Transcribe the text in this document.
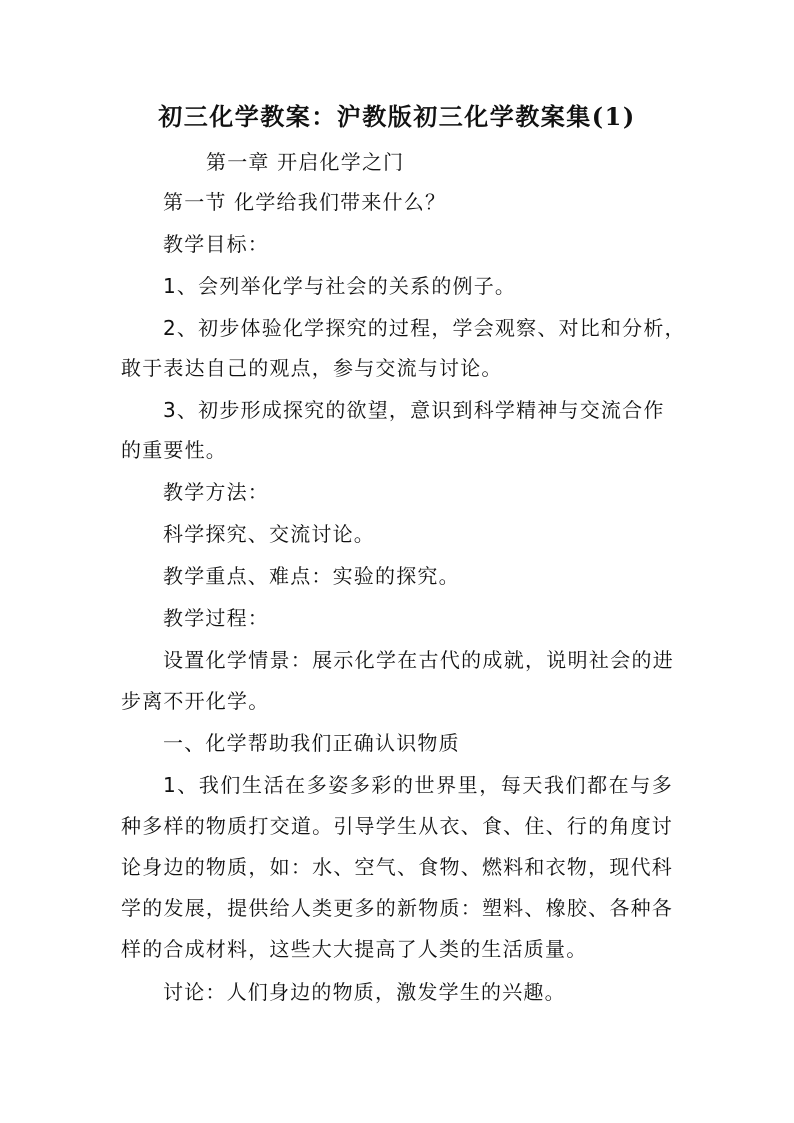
初三化学教案：沪教版初三化学教案集(1)
第一章 开启化学之门
第一节 化学给我们带来什么？
教学目标：
1、会列举化学与社会的关系的例子。
2、初步体验化学探究的过程，学会观察、对比和分析，
敢于表达自己的观点，参与交流与讨论。
3、初步形成探究的欲望，意识到科学精神与交流合作
的重要性。
教学方法：
科学探究、交流讨论。
教学重点、难点：实验的探究。
教学过程：
设置化学情景：展示化学在古代的成就，说明社会的进
步离不开化学。
一、化学帮助我们正确认识物质
1、我们生活在多姿多彩的世界里，每天我们都在与多
种多样的物质打交道。引导学生从衣、食、住、行的角度讨
论身边的物质，如：水、空气、食物、燃料和衣物，现代科
学的发展，提供给人类更多的新物质：塑料、橡胶、各种各
样的合成材料，这些大大提高了人类的生活质量。
讨论：人们身边的物质，激发学生的兴趣。
